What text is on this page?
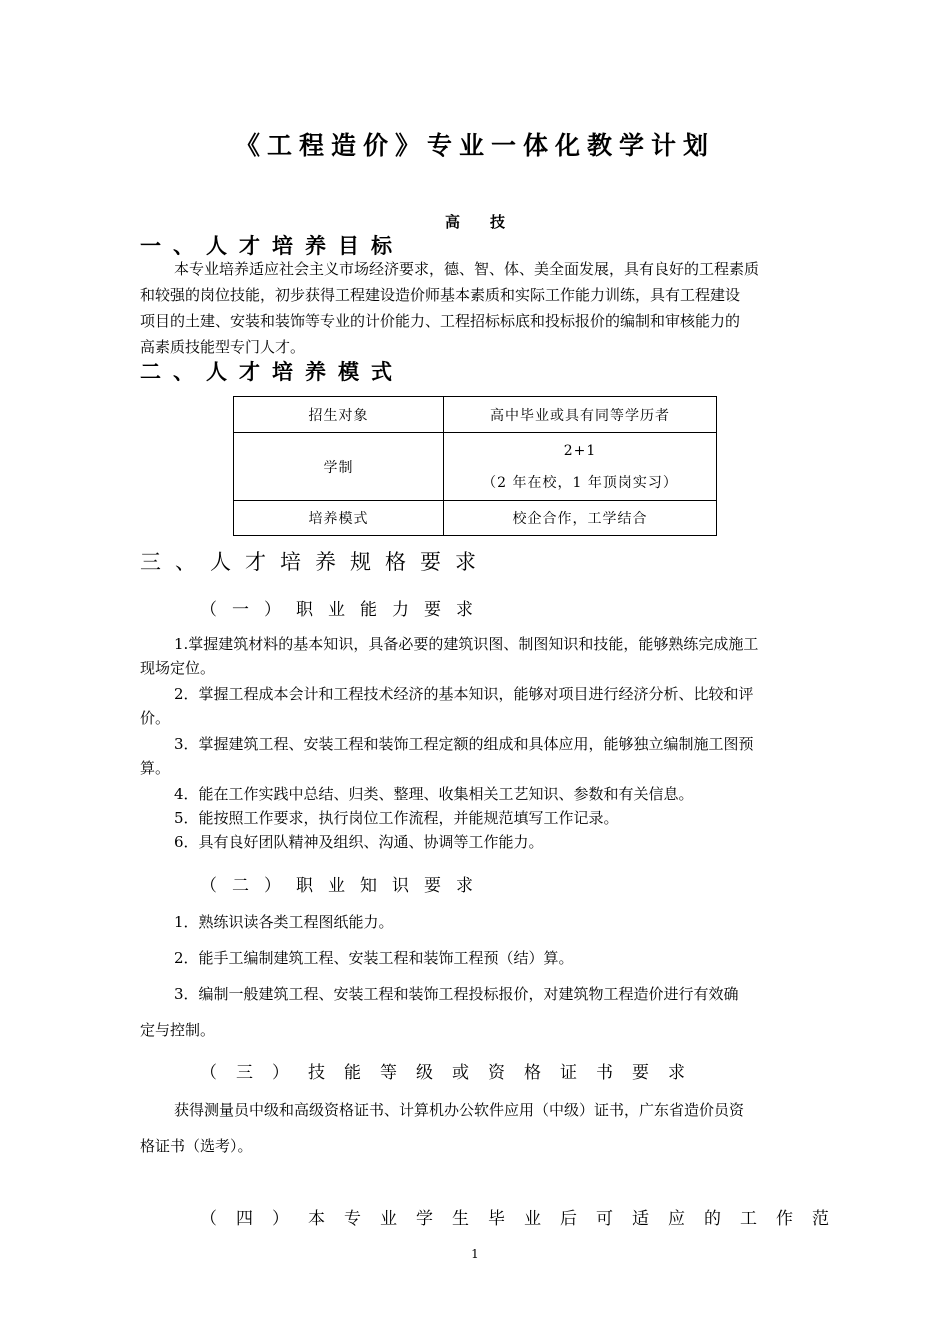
《工程造价》专业一体化教学计划
高　　技
一、人才培养目标
本专业培养适应社会主义市场经济要求，德、智、体、美全面发展，具有良好的工程素质
和较强的岗位技能，初步获得工程建设造价师基本素质和实际工作能力训练，具有工程建设
项目的土建、安装和装饰等专业的计价能力、工程招标标底和投标报价的编制和审核能力的
高素质技能型专门人才。
二、人才培养模式
招生对象	高中毕业或具有同等学历者
学制	2+1
（2 年在校，1 年顶岗实习）

培养模式	校企合作，工学结合
三、人才培养规格要求
（一）职业能力要求
1.掌握建筑材料的基本知识，具备必要的建筑识图、制图知识和技能，能够熟练完成施工
现场定位。
2．掌握工程成本会计和工程技术经济的基本知识，能够对项目进行经济分析、比较和评
价。
3．掌握建筑工程、安装工程和装饰工程定额的组成和具体应用，能够独立编制施工图预
算。
4．能在工作实践中总结、归类、整理、收集相关工艺知识、参数和有关信息。
5．能按照工作要求，执行岗位工作流程，并能规范填写工作记录。
6．具有良好团队精神及组织、沟通、协调等工作能力。
（二）职业知识要求
1．熟练识读各类工程图纸能力。
2．能手工编制建筑工程、安装工程和装饰工程预（结）算。
3．编制一般建筑工程、安装工程和装饰工程投标报价，对建筑物工程造价进行有效确
定与控制。
（三）技能等级或资格证书要求
获得测量员中级和高级资格证书、计算机办公软件应用（中级）证书，广东省造价员资
格证书（选考）。
（四）本专业学生毕业后可适应的工作范
1
